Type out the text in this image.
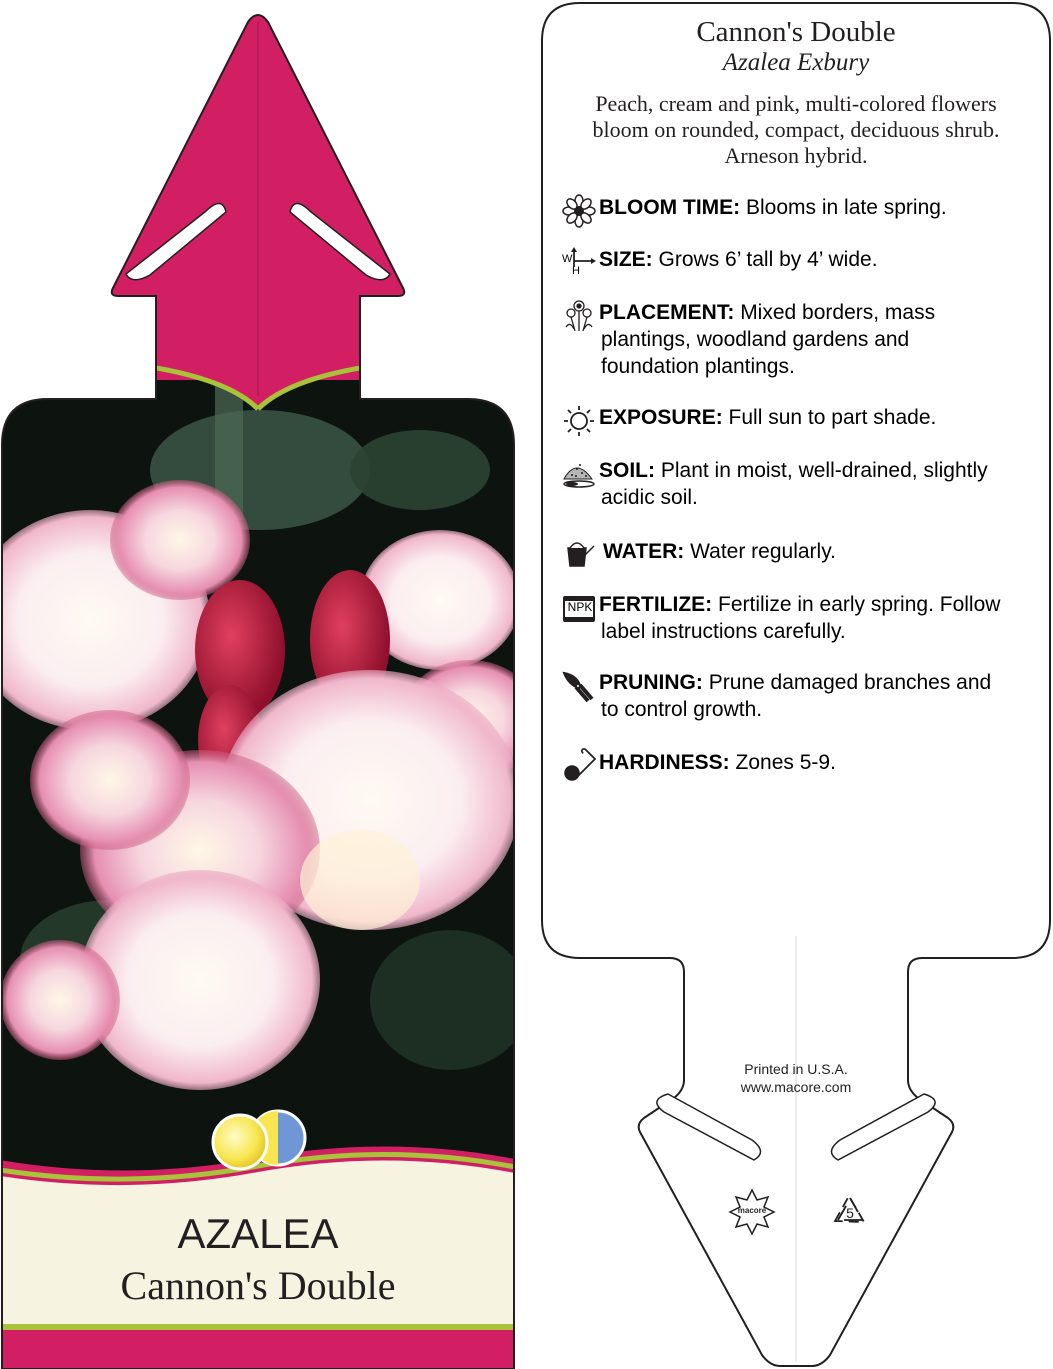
AZALEA
Cannon's Double
Cannon's Double
Azalea Exbury
Peach, cream and pink, multi-colored flowers
bloom on rounded, compact, deciduous shrub.
Arneson hybrid.
BLOOM TIME: Blooms in late spring.
W
H SIZE: Grows 6’ tall by 4’ wide.
PLACEMENT: Mixed borders, mass
plantings, woodland gardens and
foundation plantings.
EXPOSURE: Full sun to part shade.
SOIL: Plant in moist, well-drained, slightly
acidic soil.
WATER: Water regularly.
NPK FERTILIZE: Fertilize in early spring. Follow
label instructions carefully.
PRUNING: Prune damaged branches and
to control growth.
HARDINESS: Zones 5-9.
Printed in U.S.A.
www.macore.com
macore	5
